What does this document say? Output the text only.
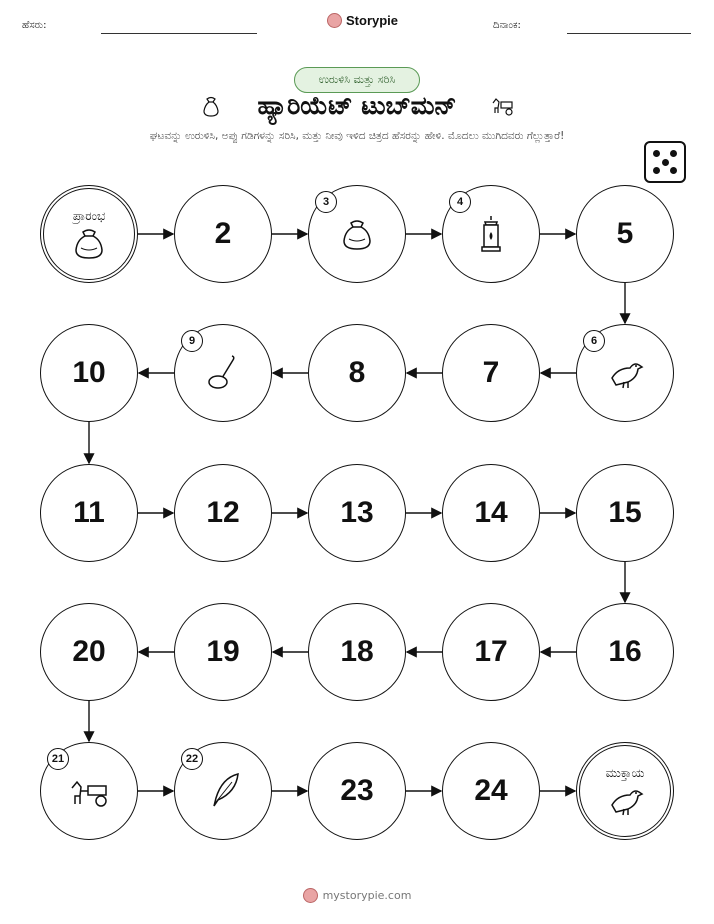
ಹೆಸರು:	Storypie	ದಿನಾಂಕ:
ಉರುಳಿಸಿ ಮತ್ತು ಸರಿಸಿ
ಹ್ಯಾರಿಯೆಟ್ ಟುಬ್‌ಮನ್
ಘಟವನ್ನು ಉರುಳಿಸಿ, ಅಪ್ಪು ಗಡಿಗಳನ್ನು ಸರಿಸಿ, ಮತ್ತು ನೀವು ಇಳಿದ ಚಿತ್ರದ ಹೆಸರನ್ನು ಹೇಳಿ. ಮೊದಲು ಮುಗಿದವರು ಗೆಲ್ಲುತ್ತಾರೆ!
ಪ್ರಾರಂಭ
2
3	4
5
6
7
8
9
10
11	12	13	14	15
16
17
18
19
20
21	22
23	24
ಮುಕ್ತಾಯ
mystorypie.com
